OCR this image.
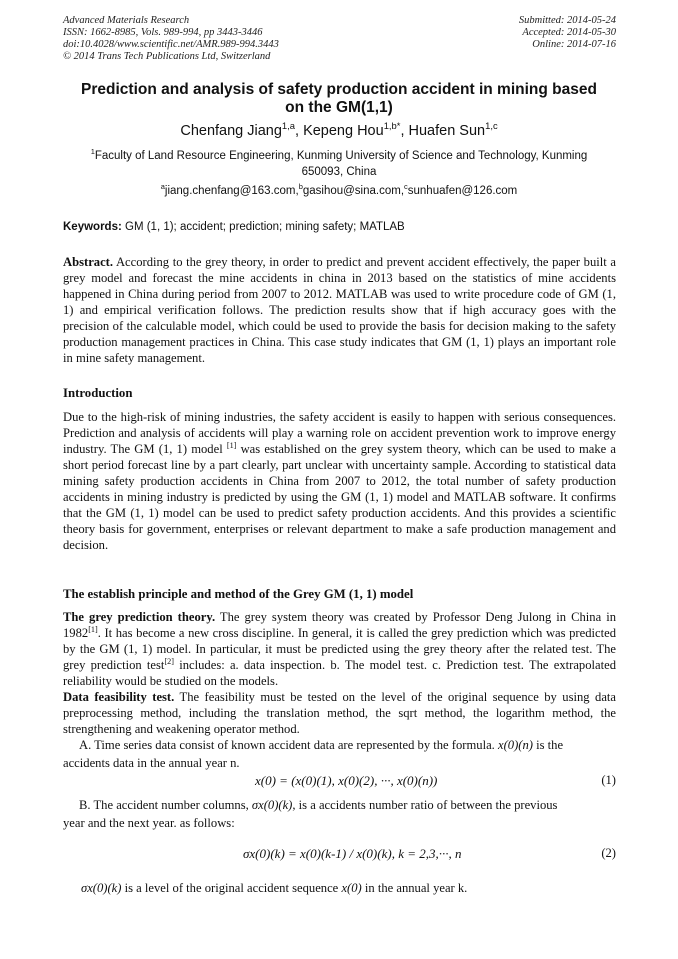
Advanced Materials Research
ISSN: 1662-8985, Vols. 989-994, pp 3443-3446
doi:10.4028/www.scientific.net/AMR.989-994.3443
© 2014 Trans Tech Publications Ltd, Switzerland
Submitted: 2014-05-24
Accepted: 2014-05-30
Online: 2014-07-16
Prediction and analysis of safety production accident in mining based
on the GM(1,1)
Chenfang Jiang$^{1,a}$, Kepeng Hou$^{1,b*}$, Huafen Sun$^{1,c}$
$^1$Faculty of Land Resource Engineering, Kunming University of Science and Technology, Kunming 650093, China
$^a$jiang.chenfang@163.com,$^b$gasihou@sina.com,$^c$sunhuafen@126.com
Keywords: GM (1, 1); accident; prediction; mining safety; MATLAB
Abstract. According to the grey theory, in order to predict and prevent accident effectively, the paper built a grey model and forecast the mine accidents in china in 2013 based on the statistics of mine accidents happened in China during period from 2007 to 2012. MATLAB was used to write procedure code of GM (1, 1) and empirical verification follows. The prediction results show that if high accuracy goes with the precision of the calculable model, which could be used to provide the basis for decision making to the safety production management practices in China. This case study indicates that GM (1, 1) plays an important role in mine safety management.
Introduction
Due to the high-risk of mining industries, the safety accident is easily to happen with serious consequences. Prediction and analysis of accidents will play a warning role on accident prevention work to improve energy industry. The GM (1, 1) model [1] was established on the grey system theory, which can be used to make a short period forecast line by a part clearly, part unclear with uncertainty sample. According to statistical data mining safety production accidents in China from 2007 to 2012, the total number of safety production accidents in mining industry is predicted by using the GM (1, 1) model and MATLAB software. It confirms that the GM (1, 1) model can be used to predict safety production accidents. And this provides a scientific theory basis for government, enterprises or relevant department to make a safe production management and decision.
The establish principle and method of the Grey GM (1, 1) model
The grey prediction theory. The grey system theory was created by Professor Deng Julong in China in 1982[1]. It has become a new cross discipline. In general, it is called the grey prediction which was predicted by the GM (1, 1) model. In particular, it must be predicted using the grey theory after the related test. The grey prediction test[2] includes: a. data inspection. b. The model test. c. Prediction test. The extrapolated reliability would be studied on the models.
Data feasibility test. The feasibility must be tested on the level of the original sequence by using data preprocessing method, including the translation method, the sqrt method, the logarithm method, the strengthening and weakening operator method.
A. Time series data consist of known accident data are represented by the formula. x(0)(n) is the
accidents data in the annual year n.
x(0) = (x(0)(1), x(0)(2), ···, x(0)(n))	(1)
B. The accident number columns, σx(0)(k), is a accidents number ratio of between the previous
year and the next year. as follows:
σx(0)(k) = x(0)(k-1) / x(0)(k), k = 2,3,···, n	(2)
σx(0)(k) is a level of the original accident sequence x(0) in the annual year k.
